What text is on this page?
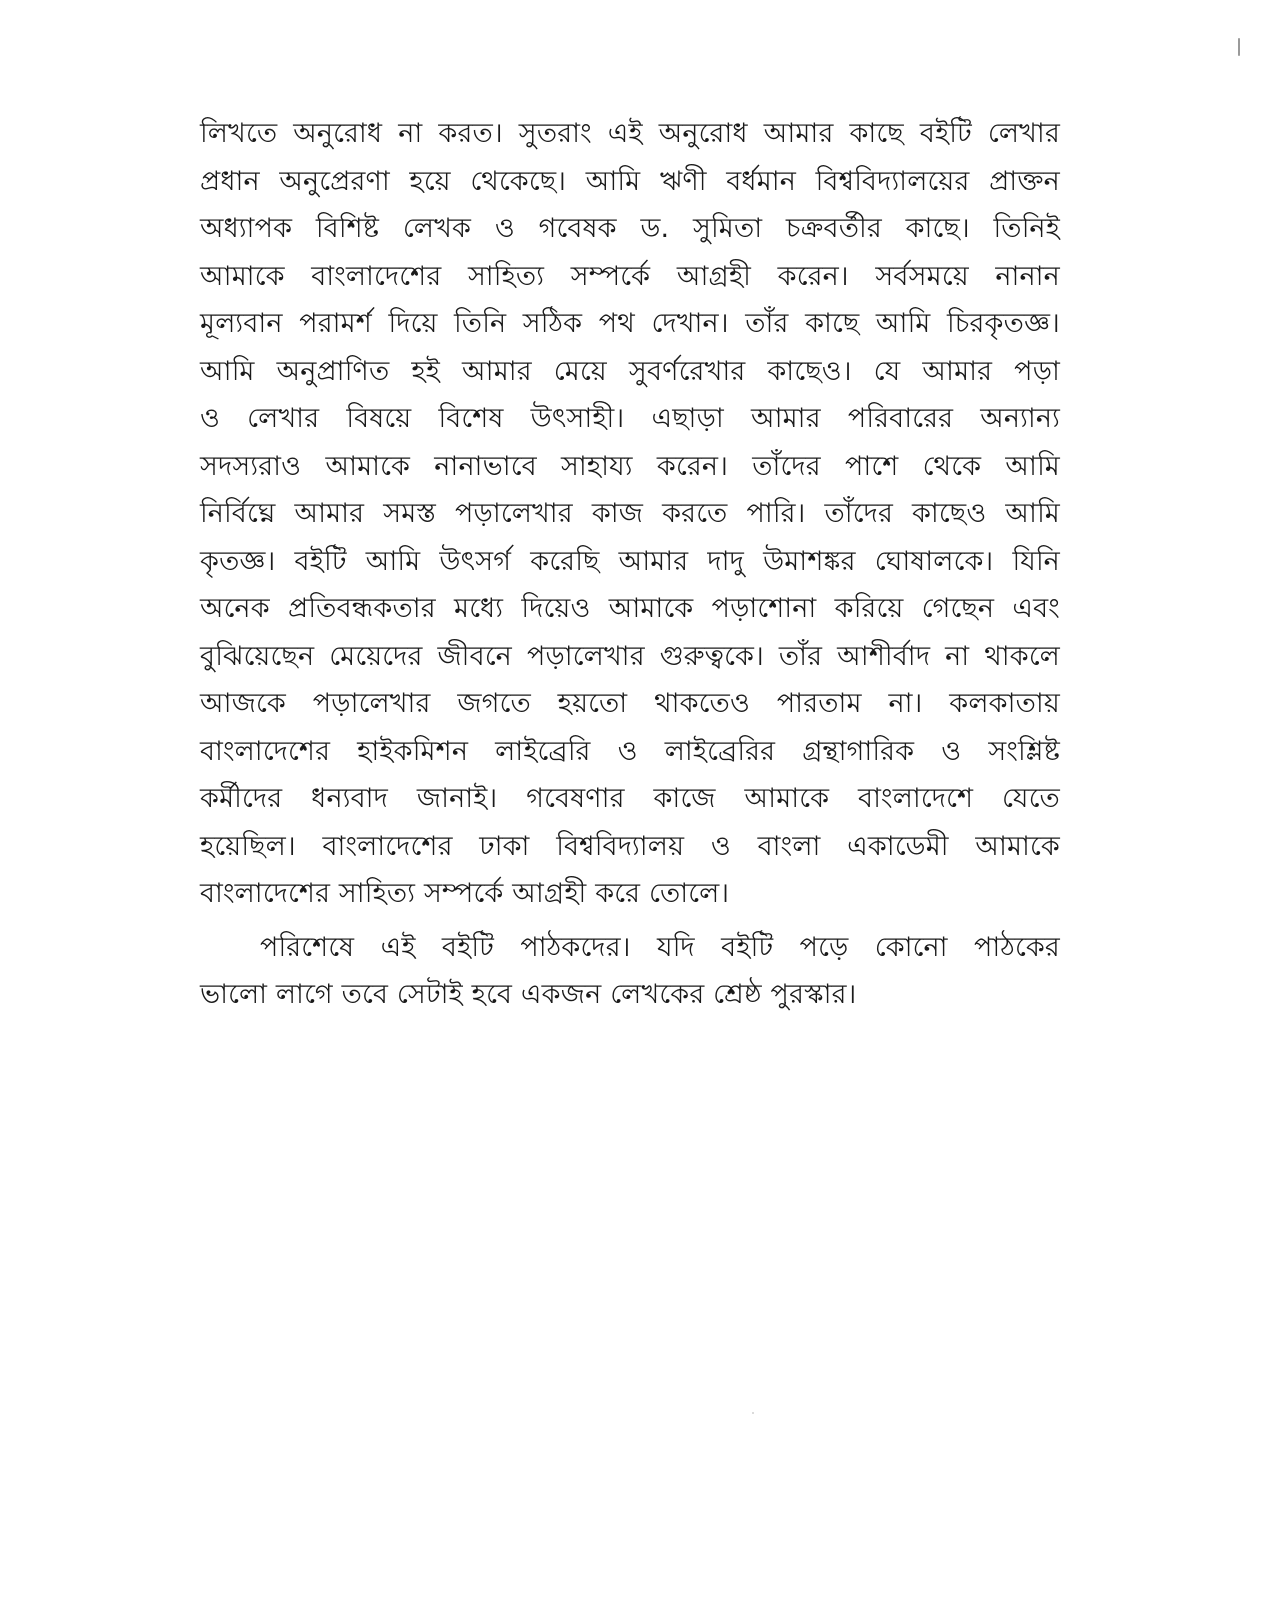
লিখতে অনুরোধ না করত। সুতরাং এই অনুরোধ আমার কাছে বইটি লেখার
প্রধান অনুপ্রেরণা হয়ে থেকেছে। আমি ঋণী বর্ধমান বিশ্ববিদ্যালয়ের প্রাক্তন
অধ্যাপক বিশিষ্ট লেখক ও গবেষক ড. সুমিতা চক্রবর্তীর কাছে। তিনিই
আমাকে বাংলাদেশের সাহিত্য সম্পর্কে আগ্রহী করেন। সর্বসময়ে নানান
মূল্যবান পরামর্শ দিয়ে তিনি সঠিক পথ দেখান। তাঁর কাছে আমি চিরকৃতজ্ঞ।
আমি অনুপ্রাণিত হই আমার মেয়ে সুবর্ণরেখার কাছেও। যে আমার পড়া
ও লেখার বিষয়ে বিশেষ উৎসাহী। এছাড়া আমার পরিবারের অন্যান্য
সদস্যরাও আমাকে নানাভাবে সাহায্য করেন। তাঁদের পাশে থেকে আমি
নির্বিঘ্নে আমার সমস্ত পড়ালেখার কাজ করতে পারি। তাঁদের কাছেও আমি
কৃতজ্ঞ। বইটি আমি উৎসর্গ করেছি আমার দাদু উমাশঙ্কর ঘোষালকে। যিনি
অনেক প্রতিবন্ধকতার মধ্যে দিয়েও আমাকে পড়াশোনা করিয়ে গেছেন এবং
বুঝিয়েছেন মেয়েদের জীবনে পড়ালেখার গুরুত্বকে। তাঁর আশীর্বাদ না থাকলে
আজকে পড়ালেখার জগতে হয়তো থাকতেও পারতাম না। কলকাতায়
বাংলাদেশের হাইকমিশন লাইব্রেরি ও লাইব্রেরির গ্রন্থাগারিক ও সংশ্লিষ্ট
কর্মীদের ধন্যবাদ জানাই। গবেষণার কাজে আমাকে বাংলাদেশে যেতে
হয়েছিল। বাংলাদেশের ঢাকা বিশ্ববিদ্যালয় ও বাংলা একাডেমী আমাকে
বাংলাদেশের সাহিত্য সম্পর্কে আগ্রহী করে তোলে।
পরিশেষে এই বইটি পাঠকদের। যদি বইটি পড়ে কোনো পাঠকের
ভালো লাগে তবে সেটাই হবে একজন লেখকের শ্রেষ্ঠ পুরস্কার।
